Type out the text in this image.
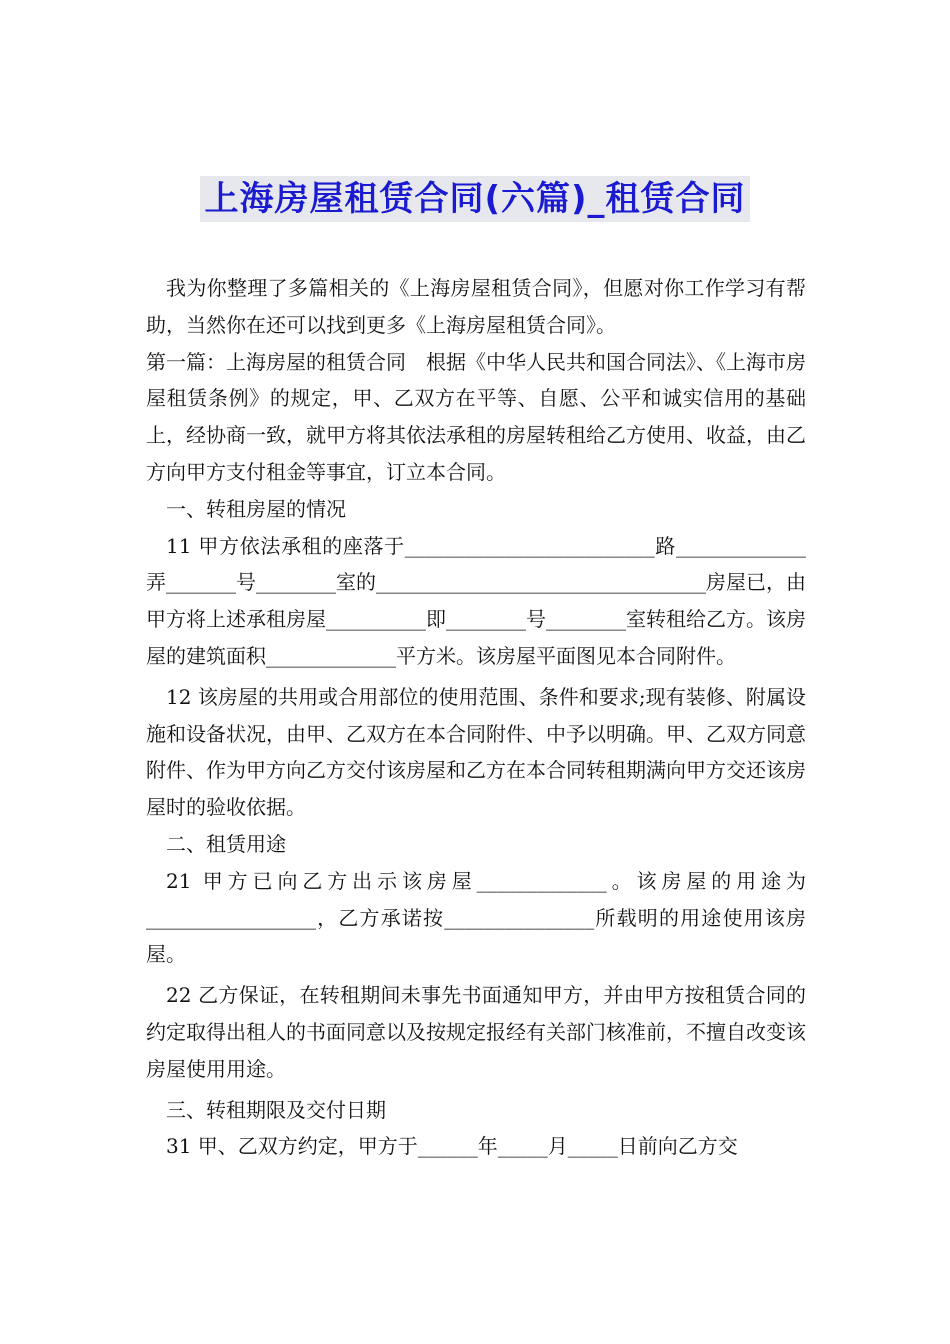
上海房屋租赁合同(六篇)_租赁合同

我为你整理了多篇相关的《上海房屋租赁合同》，但愿对你工作学习有帮助，当然你在还可以找到更多《上海房屋租赁合同》。

第一篇：上海房屋的租赁合同　根据《中华人民共和国合同法》、《上海市房屋租赁条例》的规定，甲、乙双方在平等、自愿、公平和诚实信用的基础上，经协商一致，就甲方将其依法承租的房屋转租给乙方使用、收益，由乙方向甲方支付租金等事宜，订立本合同。

一、转租房屋的情况

11 甲方依法承租的座落于_________________________路_____________弄_______号________室的_________________________________房屋已，由甲方将上述承租房屋__________即________号________室转租给乙方。该房屋的建筑面积_____________平方米。该房屋平面图见本合同附件。

12 该房屋的共用或合用部位的使用范围、条件和要求;现有装修、附属设施和设备状况，由甲、乙双方在本合同附件、中予以明确。甲、乙双方同意附件、作为甲方向乙方交付该房屋和乙方在本合同转租期满向甲方交还该房屋时的验收依据。

二、租赁用途

21 甲方已向乙方出示该房屋_____________。该房屋的用途为_________________，乙方承诺按_______________所载明的用途使用该房屋。

22 乙方保证，在转租期间未事先书面通知甲方，并由甲方按租赁合同的约定取得出租人的书面同意以及按规定报经有关部门核准前，不擅自改变该房屋使用用途。

三、转租期限及交付日期

31 甲、乙双方约定，甲方于______年_____月_____日前向乙方交
